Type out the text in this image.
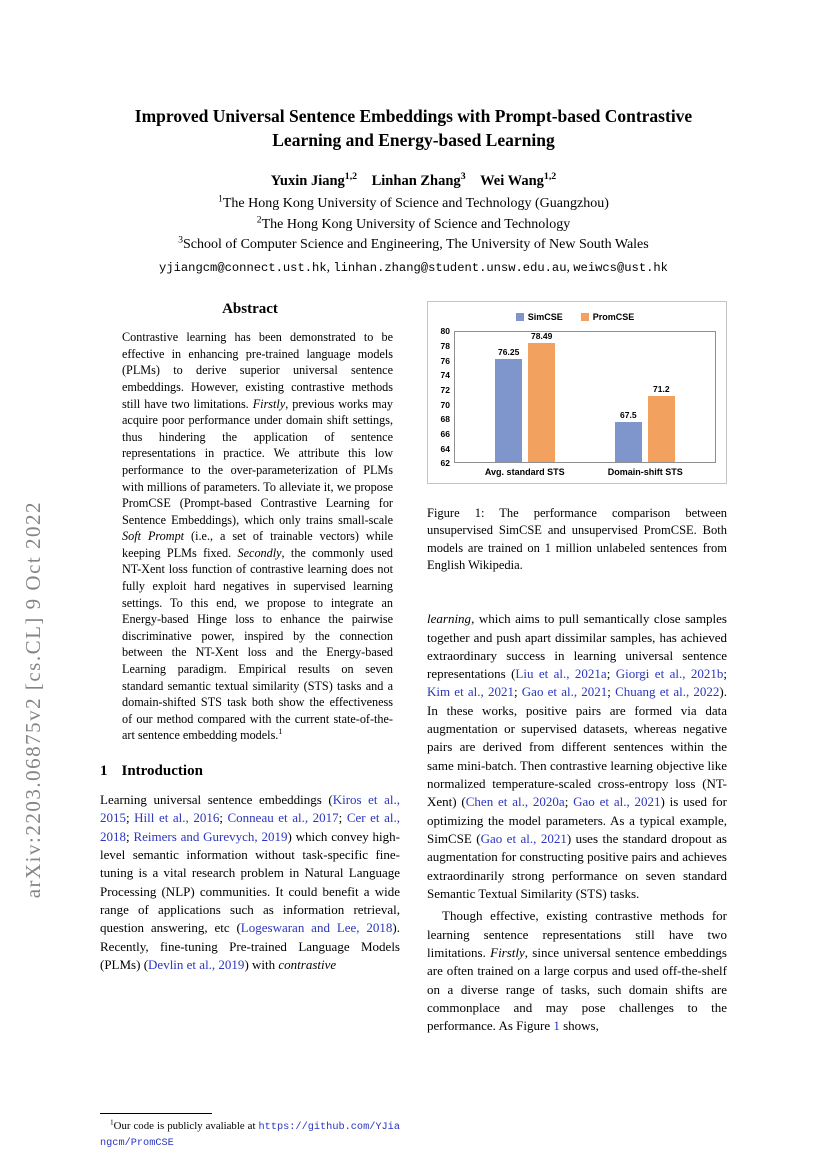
arXiv:2203.06875v2 [cs.CL] 9 Oct 2022
Improved Universal Sentence Embeddings with Prompt-based Contrastive Learning and Energy-based Learning
Yuxin Jiang$^{1,2}$ Linhan Zhang$^3$ Wei Wang$^{1,2}$
$^1$The Hong Kong University of Science and Technology (Guangzhou)
$^2$The Hong Kong University of Science and Technology
$^3$School of Computer Science and Engineering, The University of New South Wales
yjiangcm@connect.ust.hk, linhan.zhang@student.unsw.edu.au, weiwcs@ust.hk
Abstract

Contrastive learning has been demonstrated to be effective in enhancing pre-trained language models (PLMs) to derive superior universal sentence embeddings. However, existing contrastive methods still have two limitations. Firstly, previous works may acquire poor performance under domain shift settings, thus hindering the application of sentence representations in practice. We attribute this low performance to the over-parameterization of PLMs with millions of parameters. To alleviate it, we propose PromCSE (Prompt-based Contrastive Learning for Sentence Embeddings), which only trains small-scale Soft Prompt (i.e., a set of trainable vectors) while keeping PLMs fixed. Secondly, the commonly used NT-Xent loss function of contrastive learning does not fully exploit hard negatives in supervised learning settings. To this end, we propose to integrate an Energy-based Hinge loss to enhance the pairwise discriminative power, inspired by the connection between the NT-Xent loss and the Energy-based Learning paradigm. Empirical results on seven standard semantic textual similarity (STS) tasks and a domain-shifted STS task both show the effectiveness of our method compared with the current state-of-the-art sentence embedding models.$^1$

1 Introduction

Learning universal sentence embeddings (Kiros et al., 2015; Hill et al., 2016; Conneau et al., 2017; Cer et al., 2018; Reimers and Gurevych, 2019) which convey high-level semantic information without task-specific fine-tuning is a vital research problem in Natural Language Processing (NLP) communities. It could benefit a wide range of applications such as information retrieval, question answering, etc (Logeswaran and Lee, 2018). Recently, fine-tuning Pre-trained Language Models (PLMs) (Devlin et al., 2019) with contrastive

$^1$Our code is publicly avaliable at https://github.com/YJiangcm/PromCSE

SimCSE	PromCSE
80
78
76
74
72
70
68
66
64
62
76.25
78.49
67.5
71.2
Avg. standard STS	Domain-shift STS
Figure 1: The performance comparison between unsupervised SimCSE and unsupervised PromCSE. Both models are trained on 1 million unlabeled sentences from English Wikipedia.

learning, which aims to pull semantically close samples together and push apart dissimilar samples, has achieved extraordinary success in learning universal sentence representations (Liu et al., 2021a; Giorgi et al., 2021b; Kim et al., 2021; Gao et al., 2021; Chuang et al., 2022). In these works, positive pairs are formed via data augmentation or supervised datasets, whereas negative pairs are derived from different sentences within the same mini-batch. Then contrastive learning objective like normalized temperature-scaled cross-entropy loss (NT-Xent) (Chen et al., 2020a; Gao et al., 2021) is used for optimizing the model parameters. As a typical example, SimCSE (Gao et al., 2021) uses the standard dropout as augmentation for constructing positive pairs and achieves extraordinarily strong performance on seven standard Semantic Textual Similarity (STS) tasks.

Though effective, existing contrastive methods for learning sentence representations still have two limitations. Firstly, since universal sentence embeddings are often trained on a large corpus and used off-the-shelf on a diverse range of tasks, such domain shifts are commonplace and may pose challenges to the performance. As Figure 1 shows,
